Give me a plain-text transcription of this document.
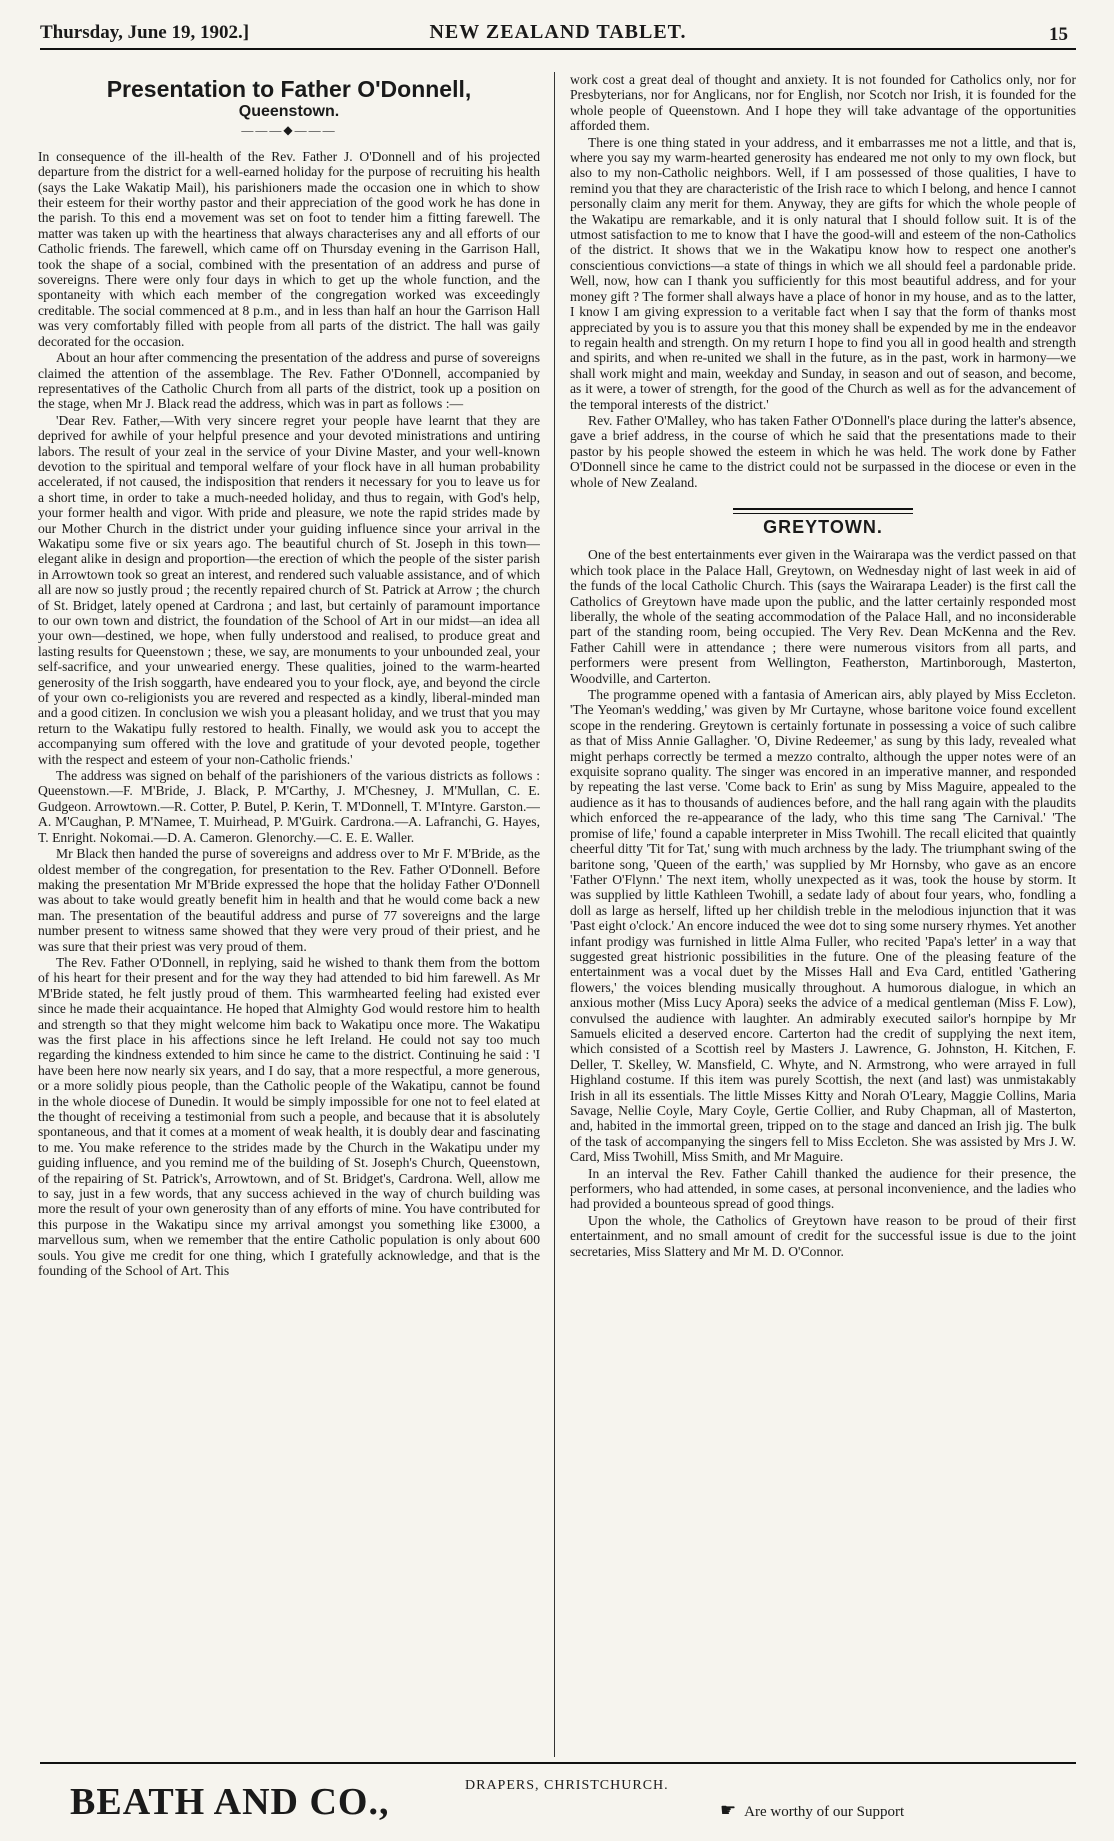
Thursday, June 19, 1902.]	NEW ZEALAND TABLET.	15
Presentation to Father O'Donnell,
Queenstown.
———◆———

In consequence of the ill-health of the Rev. Father J. O'Donnell and of his projected departure from the district for a well-earned holiday for the purpose of recruiting his health (says the Lake Wakatip Mail), his parishioners made the occasion one in which to show their esteem for their worthy pastor and their appreciation of the good work he has done in the parish. To this end a movement was set on foot to tender him a fitting farewell. The matter was taken up with the heartiness that always characterises any and all efforts of our Catholic friends. The farewell, which came off on Thursday evening in the Garrison Hall, took the shape of a social, combined with the presentation of an address and purse of sovereigns. There were only four days in which to get up the whole function, and the spontaneity with which each member of the congregation worked was exceedingly creditable. The social commenced at 8 p.m., and in less than half an hour the Garrison Hall was very comfortably filled with people from all parts of the district. The hall was gaily decorated for the occasion.

About an hour after commencing the presentation of the address and purse of sovereigns claimed the attention of the assemblage. The Rev. Father O'Donnell, accompanied by representatives of the Catholic Church from all parts of the district, took up a position on the stage, when Mr J. Black read the address, which was in part as follows :—

'Dear Rev. Father,—With very sincere regret your people have learnt that they are deprived for awhile of your helpful presence and your devoted ministrations and untiring labors. The result of your zeal in the service of your Divine Master, and your well-known devotion to the spiritual and temporal welfare of your flock have in all human probability accelerated, if not caused, the indisposition that renders it necessary for you to leave us for a short time, in order to take a much-needed holiday, and thus to regain, with God's help, your former health and vigor. With pride and pleasure, we note the rapid strides made by our Mother Church in the district under your guiding influence since your arrival in the Wakatipu some five or six years ago. The beautiful church of St. Joseph in this town—elegant alike in design and proportion—the erection of which the people of the sister parish in Arrowtown took so great an interest, and rendered such valuable assistance, and of which all are now so justly proud ; the recently repaired church of St. Patrick at Arrow ; the church of St. Bridget, lately opened at Cardrona ; and last, but certainly of paramount importance to our own town and district, the foundation of the School of Art in our midst—an idea all your own—destined, we hope, when fully understood and realised, to produce great and lasting results for Queenstown ; these, we say, are monuments to your unbounded zeal, your self-sacrifice, and your unwearied energy. These qualities, joined to the warm-hearted generosity of the Irish soggarth, have endeared you to your flock, aye, and beyond the circle of your own co-religionists you are revered and respected as a kindly, liberal-minded man and a good citizen. In conclusion we wish you a pleasant holiday, and we trust that you may return to the Wakatipu fully restored to health. Finally, we would ask you to accept the accompanying sum offered with the love and gratitude of your devoted people, together with the respect and esteem of your non-Catholic friends.'

The address was signed on behalf of the parishioners of the various districts as follows : Queenstown.—F. M'Bride, J. Black, P. M'Carthy, J. M'Chesney, J. M'Mullan, C. E. Gudgeon. Arrowtown.—R. Cotter, P. Butel, P. Kerin, T. M'Donnell, T. M'Intyre. Garston.—A. M'Caughan, P. M'Namee, T. Muirhead, P. M'Guirk. Cardrona.—A. Lafranchi, G. Hayes, T. Enright. Nokomai.—D. A. Cameron. Glenorchy.—C. E. E. Waller.

Mr Black then handed the purse of sovereigns and address over to Mr F. M'Bride, as the oldest member of the congregation, for presentation to the Rev. Father O'Donnell. Before making the presentation Mr M'Bride expressed the hope that the holiday Father O'Donnell was about to take would greatly benefit him in health and that he would come back a new man. The presentation of the beautiful address and purse of 77 sovereigns and the large number present to witness same showed that they were very proud of their priest, and he was sure that their priest was very proud of them.

The Rev. Father O'Donnell, in replying, said he wished to thank them from the bottom of his heart for their present and for the way they had attended to bid him farewell. As Mr M'Bride stated, he felt justly proud of them. This warmhearted feeling had existed ever since he made their acquaintance. He hoped that Almighty God would restore him to health and strength so that they might welcome him back to Wakatipu once more. The Wakatipu was the first place in his affections since he left Ireland. He could not say too much regarding the kindness extended to him since he came to the district. Continuing he said : 'I have been here now nearly six years, and I do say, that a more respectful, a more generous, or a more solidly pious people, than the Catholic people of the Wakatipu, cannot be found in the whole diocese of Dunedin. It would be simply impossible for one not to feel elated at the thought of receiving a testimonial from such a people, and because that it is absolutely spontaneous, and that it comes at a moment of weak health, it is doubly dear and fascinating to me. You make reference to the strides made by the Church in the Wakatipu under my guiding influence, and you remind me of the building of St. Joseph's Church, Queenstown, of the repairing of St. Patrick's, Arrowtown, and of St. Bridget's, Cardrona. Well, allow me to say, just in a few words, that any success achieved in the way of church building was more the result of your own generosity than of any efforts of mine. You have contributed for this purpose in the Wakatipu since my arrival amongst you something like £3000, a marvellous sum, when we remember that the entire Catholic population is only about 600 souls. You give me credit for one thing, which I gratefully acknowledge, and that is the founding of the School of Art. This

work cost a great deal of thought and anxiety. It is not founded for Catholics only, nor for Presbyterians, nor for Anglicans, nor for English, nor Scotch nor Irish, it is founded for the whole people of Queenstown. And I hope they will take advantage of the opportunities afforded them.

There is one thing stated in your address, and it embarrasses me not a little, and that is, where you say my warm-hearted generosity has endeared me not only to my own flock, but also to my non-Catholic neighbors. Well, if I am possessed of those qualities, I have to remind you that they are characteristic of the Irish race to which I belong, and hence I cannot personally claim any merit for them. Anyway, they are gifts for which the whole people of the Wakatipu are remarkable, and it is only natural that I should follow suit. It is of the utmost satisfaction to me to know that I have the good-will and esteem of the non-Catholics of the district. It shows that we in the Wakatipu know how to respect one another's conscientious convictions—a state of things in which we all should feel a pardonable pride. Well, now, how can I thank you sufficiently for this most beautiful address, and for your money gift ? The former shall always have a place of honor in my house, and as to the latter, I know I am giving expression to a veritable fact when I say that the form of thanks most appreciated by you is to assure you that this money shall be expended by me in the endeavor to regain health and strength. On my return I hope to find you all in good health and strength and spirits, and when re-united we shall in the future, as in the past, work in harmony—we shall work might and main, weekday and Sunday, in season and out of season, and become, as it were, a tower of strength, for the good of the Church as well as for the advancement of the temporal interests of the district.'

Rev. Father O'Malley, who has taken Father O'Donnell's place during the latter's absence, gave a brief address, in the course of which he said that the presentations made to their pastor by his people showed the esteem in which he was held. The work done by Father O'Donnell since he came to the district could not be surpassed in the diocese or even in the whole of New Zealand.

GREYTOWN.

One of the best entertainments ever given in the Wairarapa was the verdict passed on that which took place in the Palace Hall, Greytown, on Wednesday night of last week in aid of the funds of the local Catholic Church. This (says the Wairarapa Leader) is the first call the Catholics of Greytown have made upon the public, and the latter certainly responded most liberally, the whole of the seating accommodation of the Palace Hall, and no inconsiderable part of the standing room, being occupied. The Very Rev. Dean McKenna and the Rev. Father Cahill were in attendance ; there were numerous visitors from all parts, and performers were present from Wellington, Featherston, Martinborough, Masterton, Woodville, and Carterton.

The programme opened with a fantasia of American airs, ably played by Miss Eccleton. 'The Yeoman's wedding,' was given by Mr Curtayne, whose baritone voice found excellent scope in the rendering. Greytown is certainly fortunate in possessing a voice of such calibre as that of Miss Annie Gallagher. 'O, Divine Redeemer,' as sung by this lady, revealed what might perhaps correctly be termed a mezzo contralto, although the upper notes were of an exquisite soprano quality. The singer was encored in an imperative manner, and responded by repeating the last verse. 'Come back to Erin' as sung by Miss Maguire, appealed to the audience as it has to thousands of audiences before, and the hall rang again with the plaudits which enforced the re-appearance of the lady, who this time sang 'The Carnival.' 'The promise of life,' found a capable interpreter in Miss Twohill. The recall elicited that quaintly cheerful ditty 'Tit for Tat,' sung with much archness by the lady. The triumphant swing of the baritone song, 'Queen of the earth,' was supplied by Mr Hornsby, who gave as an encore 'Father O'Flynn.' The next item, wholly unexpected as it was, took the house by storm. It was supplied by little Kathleen Twohill, a sedate lady of about four years, who, fondling a doll as large as herself, lifted up her childish treble in the melodious injunction that it was 'Past eight o'clock.' An encore induced the wee dot to sing some nursery rhymes. Yet another infant prodigy was furnished in little Alma Fuller, who recited 'Papa's letter' in a way that suggested great histrionic possibilities in the future. One of the pleasing feature of the entertainment was a vocal duet by the Misses Hall and Eva Card, entitled 'Gathering flowers,' the voices blending musically throughout. A humorous dialogue, in which an anxious mother (Miss Lucy Apora) seeks the advice of a medical gentleman (Miss F. Low), convulsed the audience with laughter. An admirably executed sailor's hornpipe by Mr Samuels elicited a deserved encore. Carterton had the credit of supplying the next item, which consisted of a Scottish reel by Masters J. Lawrence, G. Johnston, H. Kitchen, F. Deller, T. Skelley, W. Mansfield, C. Whyte, and N. Armstrong, who were arrayed in full Highland costume. If this item was purely Scottish, the next (and last) was unmistakably Irish in all its essentials. The little Misses Kitty and Norah O'Leary, Maggie Collins, Maria Savage, Nellie Coyle, Mary Coyle, Gertie Collier, and Ruby Chapman, all of Masterton, and, habited in the immortal green, tripped on to the stage and danced an Irish jig. The bulk of the task of accompanying the singers fell to Miss Eccleton. She was assisted by Mrs J. W. Card, Miss Twohill, Miss Smith, and Mr Maguire.

In an interval the Rev. Father Cahill thanked the audience for their presence, the performers, who had attended, in some cases, at personal inconvenience, and the ladies who had provided a bounteous spread of good things.

Upon the whole, the Catholics of Greytown have reason to be proud of their first entertainment, and no small amount of credit for the successful issue is due to the joint secretaries, Miss Slattery and Mr M. D. O'Connor.

BEATH AND CO.,	DRAPERS, CHRISTCHURCH.
☛ Are worthy of our Support
